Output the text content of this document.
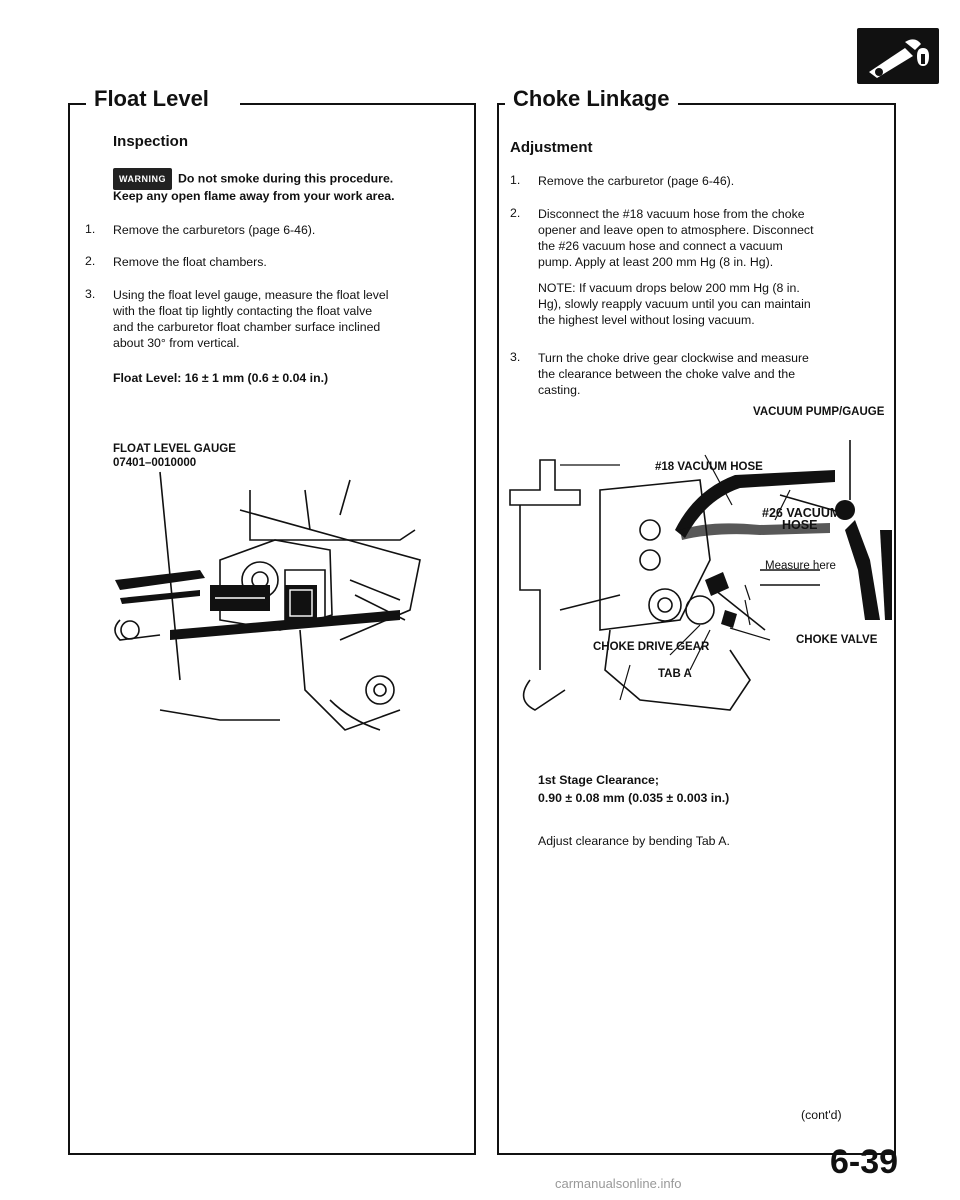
Float Level
Inspection
WARNING Do not smoke during this procedure.
Keep any open flame away from your work area.
1. Remove the carburetors (page 6-46).
2. Remove the float chambers.
3. Using the float level gauge, measure the float level
with the float tip lightly contacting the float valve
and the carburetor float chamber surface inclined
about 30° from vertical.
Float Level: 16 ± 1 mm (0.6 ± 0.04 in.)
FLOAT LEVEL GAUGE
07401–0010000
Choke Linkage
Adjustment
1. Remove the carburetor (page 6-46).
2. Disconnect the #18 vacuum hose from the choke
opener and leave open to atmosphere. Disconnect
the #26 vacuum hose and connect a vacuum
pump. Apply at least 200 mm Hg (8 in. Hg).
NOTE: If vacuum drops below 200 mm Hg (8 in.
Hg), slowly reapply vacuum until you can maintain
the highest level without losing vacuum.
3. Turn the choke drive gear clockwise and measure
the clearance between the choke valve and the
casting.
VACUUM PUMP/GAUGE
#18 VACUUM HOSE
#26 VACUUM
HOSE
Measure here
CHOKE VALVE
CHOKE DRIVE GEAR
TAB A
1st Stage Clearance;
0.90 ± 0.08 mm (0.035 ± 0.003 in.)
Adjust clearance by bending Tab A.
(cont'd)
6-39
carmanualsonline.info
